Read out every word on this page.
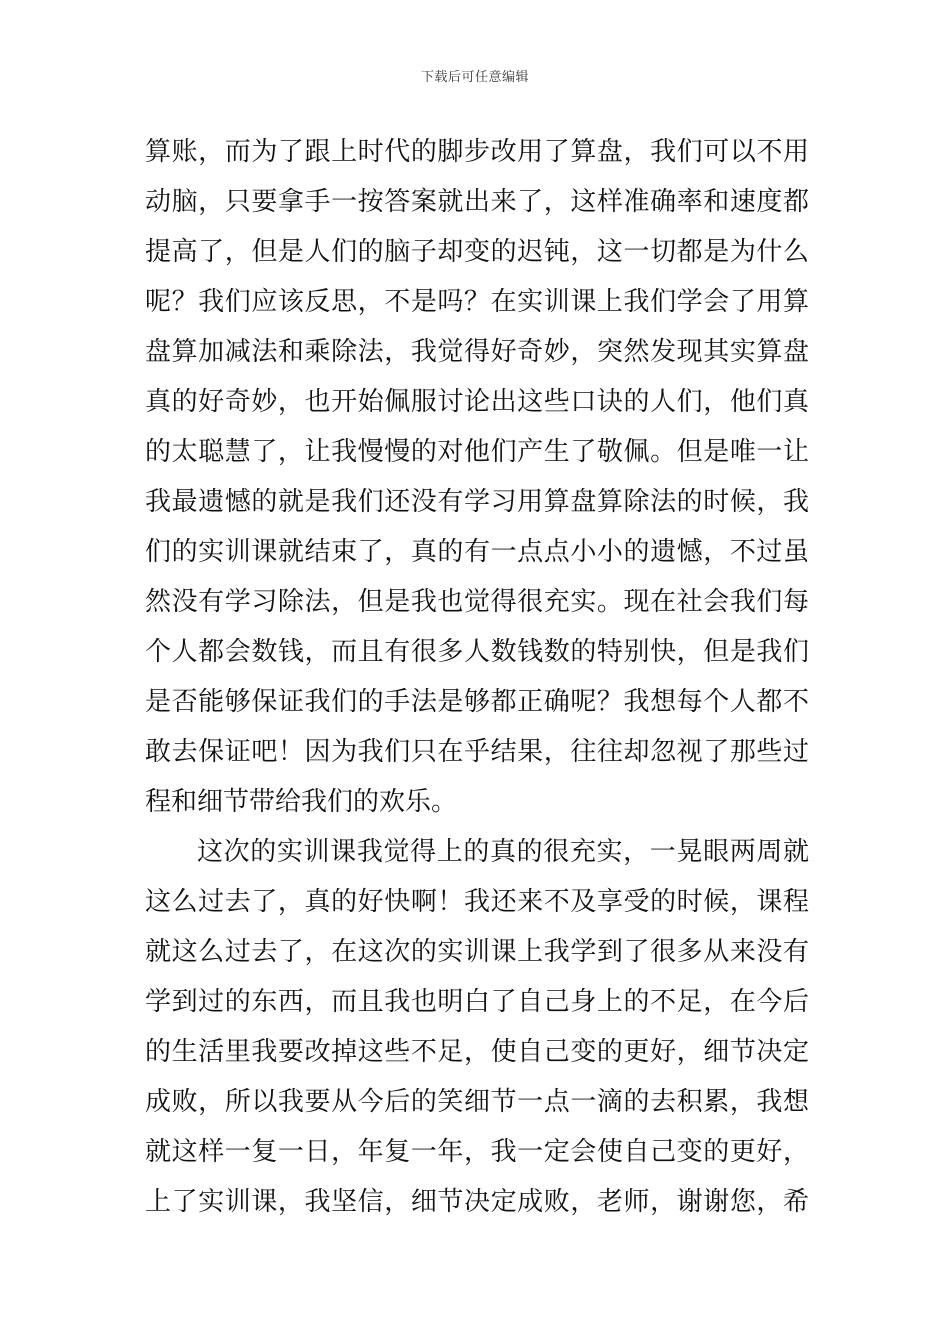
下载后可任意编辑
算账，而为了跟上时代的脚步改用了算盘，我们可以不用
动脑，只要拿手一按答案就出来了，这样准确率和速度都
提高了，但是人们的脑子却变的迟钝，这一切都是为什么
呢？我们应该反思，不是吗？在实训课上我们学会了用算
盘算加减法和乘除法，我觉得好奇妙，突然发现其实算盘
真的好奇妙，也开始佩服讨论出这些口诀的人们，他们真
的太聪慧了，让我慢慢的对他们产生了敬佩。但是唯一让
我最遗憾的就是我们还没有学习用算盘算除法的时候，我
们的实训课就结束了，真的有一点点小小的遗憾，不过虽
然没有学习除法，但是我也觉得很充实。现在社会我们每
个人都会数钱，而且有很多人数钱数的特别快，但是我们
是否能够保证我们的手法是够都正确呢？我想每个人都不
敢去保证吧！因为我们只在乎结果，往往却忽视了那些过
程和细节带给我们的欢乐。
这次的实训课我觉得上的真的很充实，一晃眼两周就
这么过去了，真的好快啊！我还来不及享受的时候，课程
就这么过去了，在这次的实训课上我学到了很多从来没有
学到过的东西，而且我也明白了自己身上的不足，在今后
的生活里我要改掉这些不足，使自己变的更好，细节决定
成败，所以我要从今后的笑细节一点一滴的去积累，我想
就这样一复一日，年复一年，我一定会使自己变的更好，
上了实训课，我坚信，细节决定成败，老师，谢谢您，希
